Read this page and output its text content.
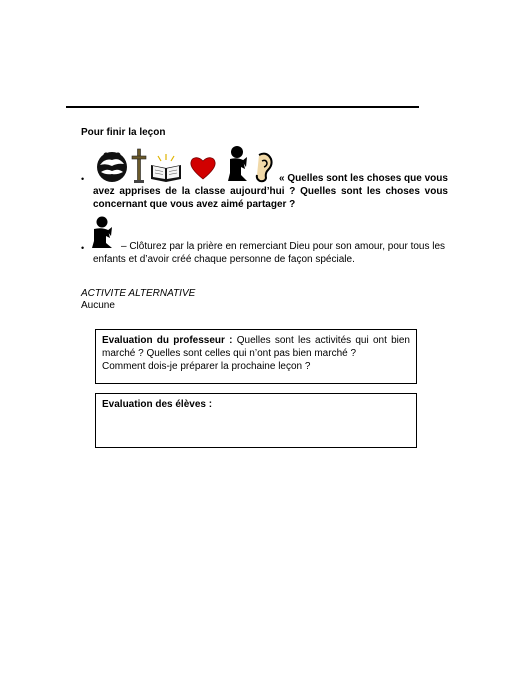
Pour finir la leçon
•	« Quelles sont les choses que vous
avez apprises de la classe aujourd’hui ? Quelles sont les choses vous concernant que vous avez aimé partager ?
•	– Clôturez par la prière en remerciant Dieu pour son amour, pour tous les
enfants et d’avoir créé chaque personne de façon spéciale.
ACTIVITE ALTERNATIVE
Aucune
Evaluation du professeur : Quelles sont les activités qui ont bien marché ? Quelles sont celles qui n’ont pas bien marché ?
Comment dois-je préparer la prochaine leçon ?
Evaluation des élèves :
